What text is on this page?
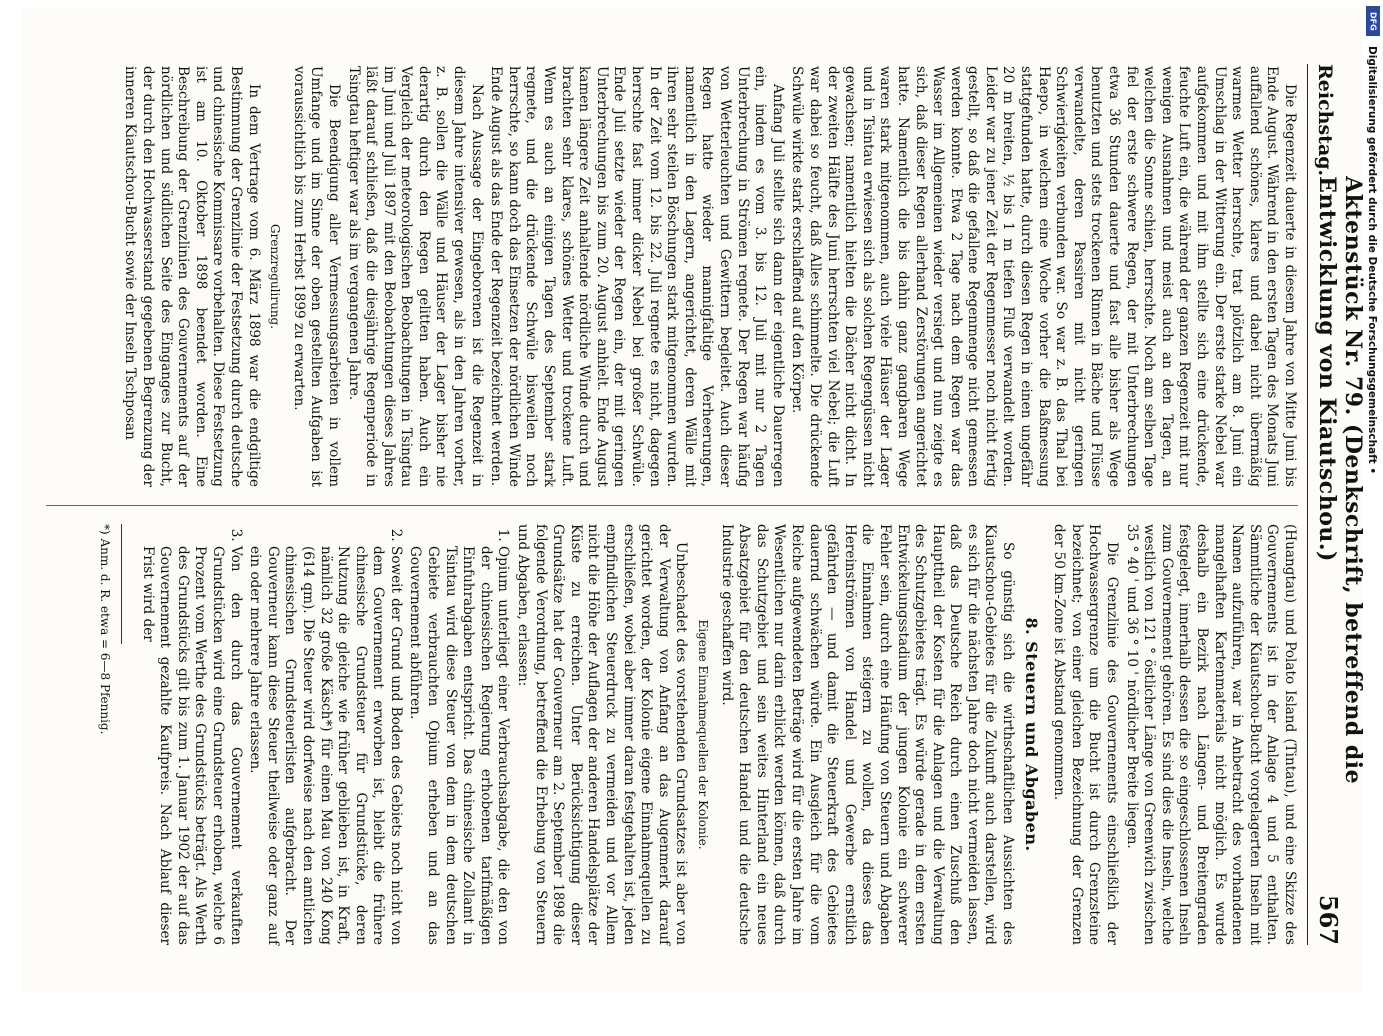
Reichstag.
Aktenstück Nr. 79. (Denkschrift, betreffend die Entwicklung von Kiautschou.)
567

Die Regenzeit dauerte in diesem Jahre von Mitte Juni bis Ende August. Während in den ersten Tagen des Monats Juni auffallend schönes, klares und dabei nicht übermäßig warmes Wetter herrschte, trat plötzlich am 8. Juni ein Umschlag in der Witterung ein. Der erste starke Nebel war aufgekommen und mit ihm stellte sich eine drückende, feuchte Luft ein, die während der ganzen Regenzeit mit nur wenigen Ausnahmen und meist auch an den Tagen, an welchen die Sonne schien, herrschte. Noch am selben Tage fiel der erste schwere Regen, der mit Unterbrechungen etwa 36 Stunden dauerte und fast alle bisher als Wege benutzten und stets trockenen Rinnen in Bäche und Flüsse verwandelte, deren Passiren mit nicht geringen Schwierigkeiten verbunden war. So war z. B. das Thal bei Haepo, in welchem eine Woche vorher die Baßmessung stattgefunden hatte, durch diesen Regen in einen ungefähr 20 m breiten, ½ bis 1 m tiefen Fluß verwandelt worden. Leider war zu jener Zeit der Regenmesser noch nicht fertig gestellt, so daß die gefallene Regenmenge nicht gemessen werden konnte. Etwa 2 Tage nach dem Regen war das Wasser im Allgemeinen wieder versiegt und nun zeigte es sich, daß dieser Regen allerhand Zerstörungen angerichtet hatte. Namentlich die bis dahin ganz gangbaren Wege waren stark mitgenommen, auch viele Häuser der Lager und in Tsintau erwiesen sich als solchen Regengüssen nicht gewachsen; namentlich hielten die Dächer nicht dicht. In der zweiten Hälfte des Juni herrschten viel Nebel; die Luft war dabei so feucht, daß Alles schimmelte. Die drückende Schwüle wirkte stark erschlaffend auf den Körper.

Anfang Juli stellte sich dann der eigentliche Dauerregen ein, indem es vom 3. bis 12. Juli mit nur 2 Tagen Unterbrechung in Strömen regnete. Der Regen war häufig von Wetterleuchten und Gewittern begleitet. Auch dieser Regen hatte wieder mannigfaltige Verheerungen, namentlich in den Lagern, angerichtet, deren Wälle mit ihren sehr steilen Böschungen stark mitgenommen wurden. In der Zeit vom 12. bis 22. Juli regnete es nicht, dagegen herrschte fast immer dicker Nebel bei großer Schwüle. Ende Juli setzte wieder der Regen ein, der mit geringen Unterbrechungen bis zum 20. August anhielt. Ende August kamen längere Zeit anhaltende nördliche Winde durch und brachten sehr klares, schönes Wetter und trockene Luft. Wenn es auch an einigen Tagen des September stark regnete, und die drückende Schwüle bisweilen noch herrschte, so kann doch das Einsetzen der nördlichen Winde Ende August als das Ende der Regenzeit bezeichnet werden.

Nach Aussage der Eingeborenen ist die Regenzeit in diesem Jahre intensiver gewesen, als in den Jahren vorher, z. B. sollen die Wälle und Häuser der Lager bisher nie derartig durch den Regen gelitten haben. Auch ein Vergleich der meteorologischen Beobachtungen in Tsingtau im Juni und Juli 1897 mit den Beobachtungen dieses Jahres läßt darauf schließen, daß die diesjährige Regenperiode in Tsingtau heftiger war als im vergangenen Jahre.

Die Beendigung aller Vermessungsarbeiten in vollem Umfange und im Sinne der oben gestellten Aufgaben ist voraussichtlich bis zum Herbst 1899 zu erwarten.

Grenzregulirung.

In dem Vertrage vom 6. März 1898 war die endgiltige Bestimmung der Grenzlinie der Festsetzung durch deutsche und chinesische Kommissare vorbehalten. Diese Festsetzung ist am 10. Oktober 1898 beendet worden. Eine Beschreibung der Grenzlinien des Gouvernements auf der nördlichen und südlichen Seite des Einganges zur Bucht, der durch den Hochwasserstand gegebenen Begrenzung der inneren Kiautschou-Bucht sowie der Inseln Tschposan

(Huangtau) und Polato Island (Tintau), und eine Skizze des Gouvernements ist in der Anlage 4 und 5 enthalten. Sämmtliche der Kiautschou-Bucht vorgelagerten Inseln mit Namen aufzuführen, war in Anbetracht des vorhandenen mangelhaften Kartenmaterials nicht möglich. Es wurde deshalb ein Bezirk nach Längen- und Breitengraden festgelegt, innerhalb dessen die so eingeschlossenen Inseln zum Gouvernement gehören. Es sind dies die Inseln, welche westlich von 121 ° östlicher Länge von Greenwich zwischen 35 ° 40 ' und 36 ° 10 ' nördlicher Breite liegen.

Die Grenzlinie des Gouvernements einschließlich der Hochwassergrenze um die Bucht ist durch Grenzsteine bezeichnet; von einer gleichen Bezeichnung der Grenzen der 50 km-Zone ist Abstand genommen.

8. Steuern und Abgaben.

So günstig sich die wirthschaftlichen Aussichten des Kiautschou-Gebietes für die Zukunft auch darstellen, wird es sich für die nächsten Jahre doch nicht vermeiden lassen, daß das Deutsche Reich durch einen Zuschuß den Haupttheil der Kosten für die Anlagen und die Verwaltung des Schutzgebietes trägt. Es würde gerade in dem ersten Entwickelungsstadium der jungen Kolonie ein schwerer Fehler sein, durch eine Häufung von Steuern und Abgaben die Einnahmen steigern zu wollen, da dieses das Hereinströmen von Handel und Gewerbe ernstlich gefährden — und damit die Steuerkraft des Gebietes dauernd schwächen würde. Ein Ausgleich für die vom Reiche aufgewendeten Beträge wird für die ersten Jahre im Wesentlichen nur darin erblickt werden können, daß durch das Schutzgebiet und sein weites Hinterland ein neues Absatzgebiet für den deutschen Handel und die deutsche Industrie geschaffen wird.

Eigene Einnahmequellen der Kolonie.

Unbeschadet des vorstehenden Grundsatzes ist aber von der Verwaltung von Anfang an das Augenmerk darauf gerichtet worden, der Kolonie eigene Einnahmequellen zu erschließen, wobei aber immer daran festgehalten ist, jeden empfindlichen Steuerdruck zu vermeiden und vor Allem nicht die Höhe der Auflagen der anderen Handelsplätze der Küste zu erreichen. Unter Berücksichtigung dieser Grundsätze hat der Gouverneur am 2. September 1898 die folgende Verordnung, betreffend die Erhebung von Steuern und Abgaben, erlassen:

1. Opium unterliegt einer Verbrauchsabgabe, die den von der chinesischen Regierung erhobenen tarifmäßigen Einfuhrabgaben entspricht. Das chinesische Zollamt in Tsintau wird diese Steuer von dem in dem deutschen Gebiete verbrauchten Opium erheben und an das Gouvernement abführen.
2. Soweit der Grund und Boden des Gebiets noch nicht von dem Gouvernement erworben ist, bleibt die frühere chinesische Grundsteuer für Grundstücke, deren Nutzung die gleiche wie früher geblieben ist, in Kraft, nämlich 32 große Käsch*) für einen Mau von 240 Kong (614 qm). Die Steuer wird dorfweise nach den amtlichen chinesischen Grundsteuerlisten aufgebracht. Der Gouverneur kann diese Steuer theilweise oder ganz auf ein oder mehrere Jahre erlassen.
3. Von den durch das Gouvernement verkauften Grundstücken wird eine Grundsteuer erhoben, welche 6 Prozent vom Werthe des Grundstücks beträgt. Als Werth des Grundstücks gilt bis zum 1. Januar 1902 der auf das Gouvernement gezahlte Kaufpreis. Nach Ablauf dieser Frist wird der

*) Anm. d. R. etwa = 6—8 Pfennig.

DFG
Digitalisierung gefördert durch die Deutsche Forschungsgemeinschaft •
